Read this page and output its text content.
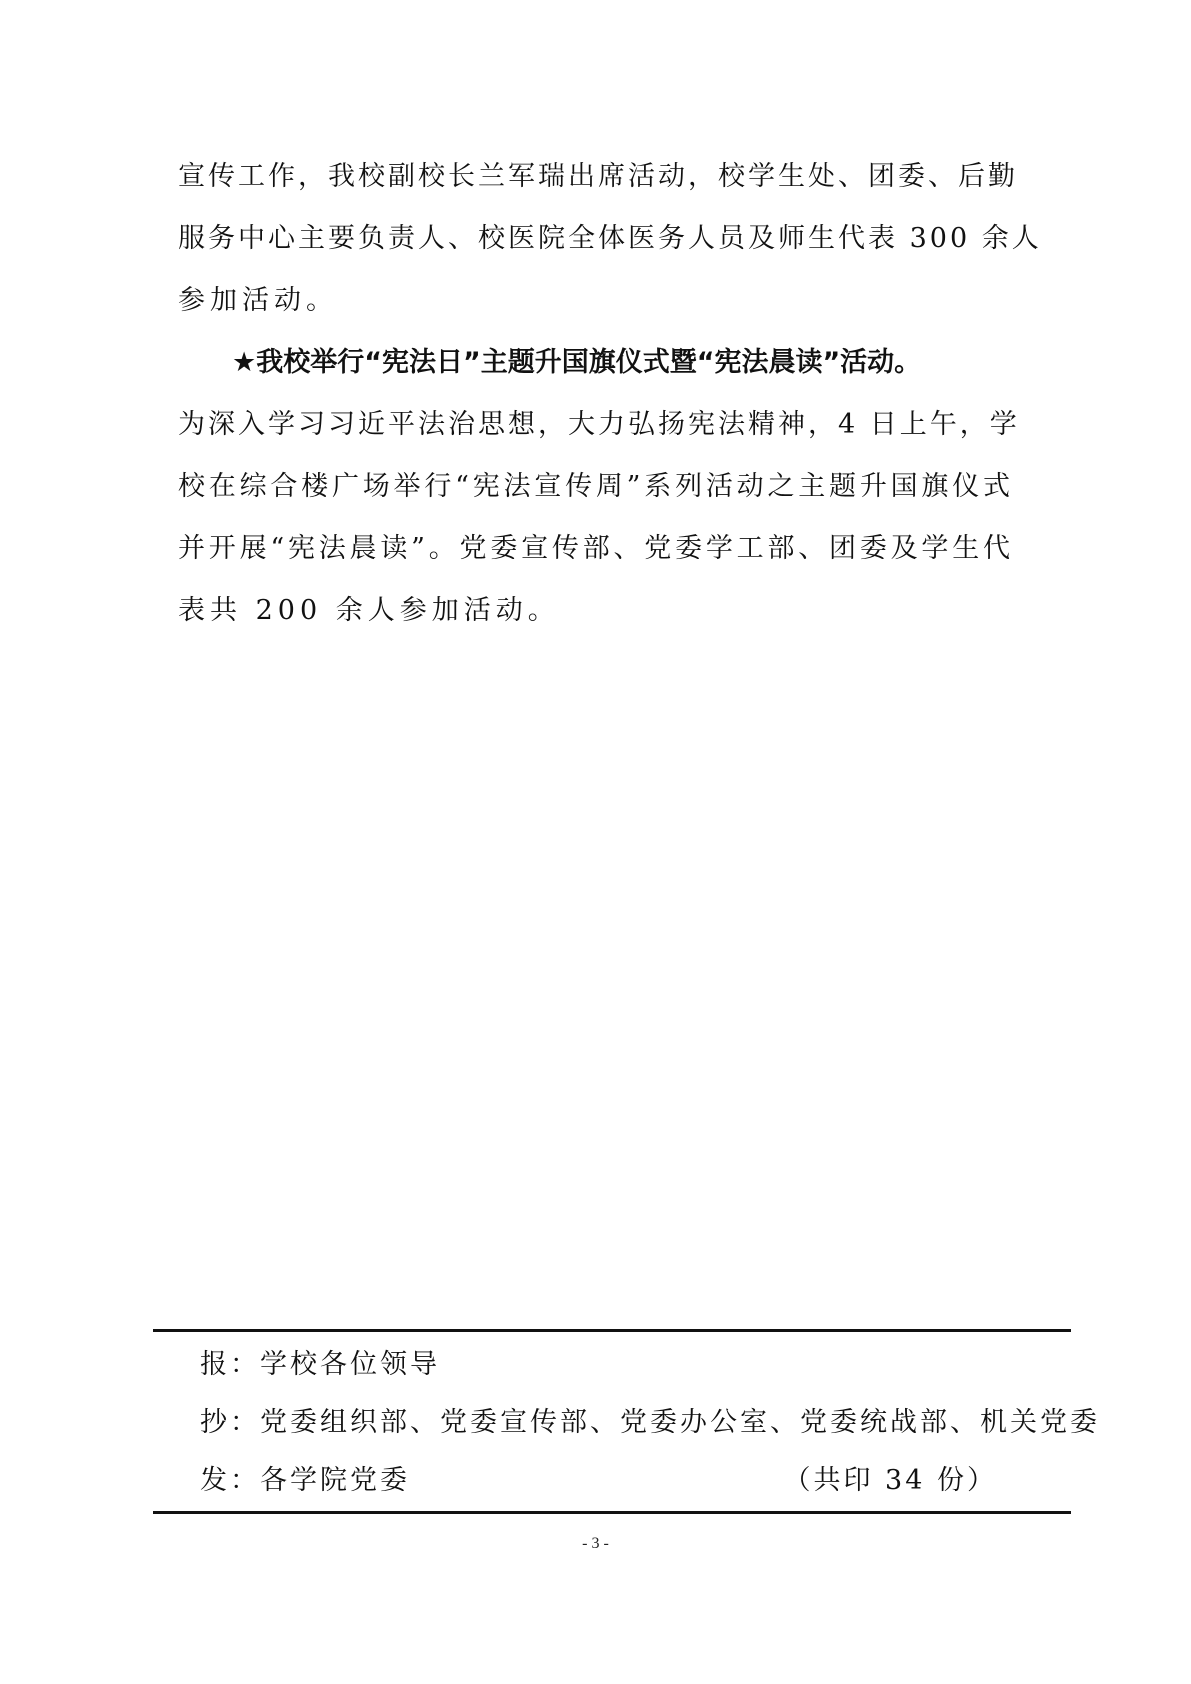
宣传工作，我校副校长兰军瑞出席活动，校学生处、团委、后勤
服务中心主要负责人、校医院全体医务人员及师生代表 300 余人
参加活动。
★我校举行“宪法日”主题升国旗仪式暨“宪法晨读”活动。
为深入学习习近平法治思想，大力弘扬宪法精神，4 日上午，学
校在综合楼广场举行“宪法宣传周”系列活动之主题升国旗仪式
并开展“宪法晨读”。党委宣传部、党委学工部、团委及学生代
表共 200 余人参加活动。
报：学校各位领导
抄：党委组织部、党委宣传部、党委办公室、党委统战部、机关党委
发：各学院党委	（共印 34 份）
- 3 -
